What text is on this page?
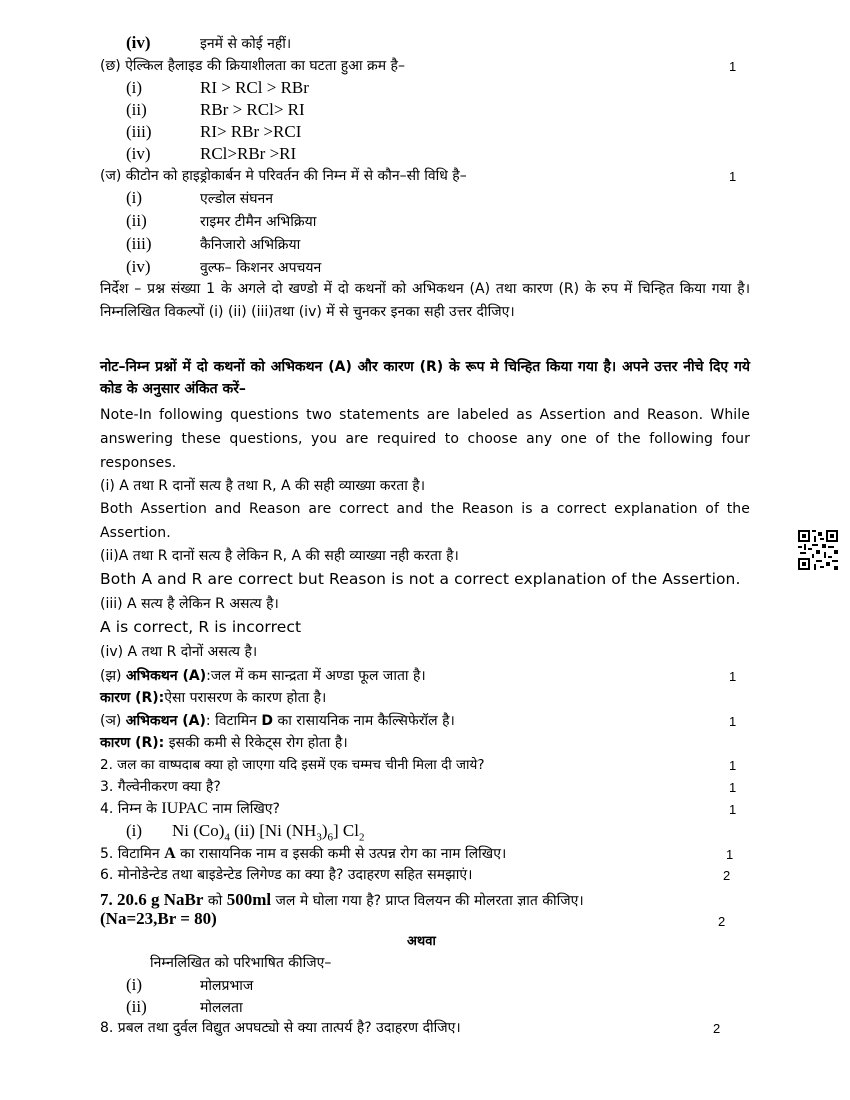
(iv)	इनमें से कोई नहीं।
(छ) ऐल्किल हैलाइड की क्रियाशीलता का घटता हुआ क्रम है–	1
(i)	RI > RCl > RBr
(ii)	RBr > RCl> RI
(iii)	RI> RBr >RCI
(iv)	RCl>RBr >RI
(ज) कीटोन को हाइड्रोकार्बन मे परिवर्तन की निम्न में से कौन–सी विधि है–	1
(i)	एल्डोल संघनन
(ii)	राइमर टीमैन अभिक्रिया
(iii)	कैनिजारो अभिक्रिया
(iv)	वुल्फ– किशनर अपचयन
निर्देश – प्रश्न संख्या 1 के अगले दो खण्डो में दो कथनों को अभिकथन (A) तथा कारण (R) के रुप में चिन्हित किया गया है। निम्नलिखित विकल्पों (i) (ii) (iii)तथा (iv) में से चुनकर इनका सही उत्तर दीजिए।
नोट–निम्न प्रश्नों में दो कथनों को अभिकथन (A) और कारण (R) के रूप मे चिन्हित किया गया है। अपने उत्तर नीचे दिए गये कोड के अनुसार अंकित करें–
Note-In following questions two statements are labeled as Assertion and Reason. While answering these questions, you are required to choose any one of the following four responses.
(i) A तथा R दानों सत्य है तथा R, A की सही व्याख्या करता है।
Both Assertion and Reason are correct and the Reason is a correct explanation of the Assertion.
(ii)A तथा R दानों सत्य है लेकिन R, A की सही व्याख्या नही करता है।
Both A and R are correct but Reason is not a correct explanation of the Assertion.
(iii) A सत्य है लेकिन R असत्य है।
A is correct, R is incorrect
(iv) A तथा R दोनों असत्य है।
(झ) अभिकथन (A):जल में कम सान्द्रता में अण्डा फूल जाता है।	1
कारण (R):ऐसा परासरण के कारण होता है।
(ञ) अभिकथन (A): विटामिन D का रासायनिक नाम कैल्सिफेरॉल है।	1
कारण (R): इसकी कमी से रिकेट्स रोग होता है।
2. जल का वाष्पदाब क्या हो जाएगा यदि इसमें एक चम्मच चीनी मिला दी जाये?	1
3. गैल्वेनीकरण क्या है?	1
4. निम्न के IUPAC नाम लिखिए?	1
(i) Ni $(Co)_4$ (ii) [Ni $(NH_3)_6$] $Cl_2$
5. विटामिन A का रासायनिक नाम व इसकी कमी से उत्पन्न रोग का नाम लिखिए।	1
6. मोनोडेन्टेड तथा बाइडेन्टेड लिगेण्ड का क्या है? उदाहरण सहित समझाएं।	2
7. 20.6 g NaBr को 500ml जल मे घोला गया है? प्राप्त विलयन की मोलरता ज्ञात कीजिए।
(Na=23,Br = 80)	2
अथवा
निम्नलिखित को परिभाषित कीजिए–
(i)	मोलप्रभाज
(ii)	मोललता
8. प्रबल तथा दुर्वल विद्युत अपघट्यो से क्या तात्पर्य है? उदाहरण दीजिए।	2
